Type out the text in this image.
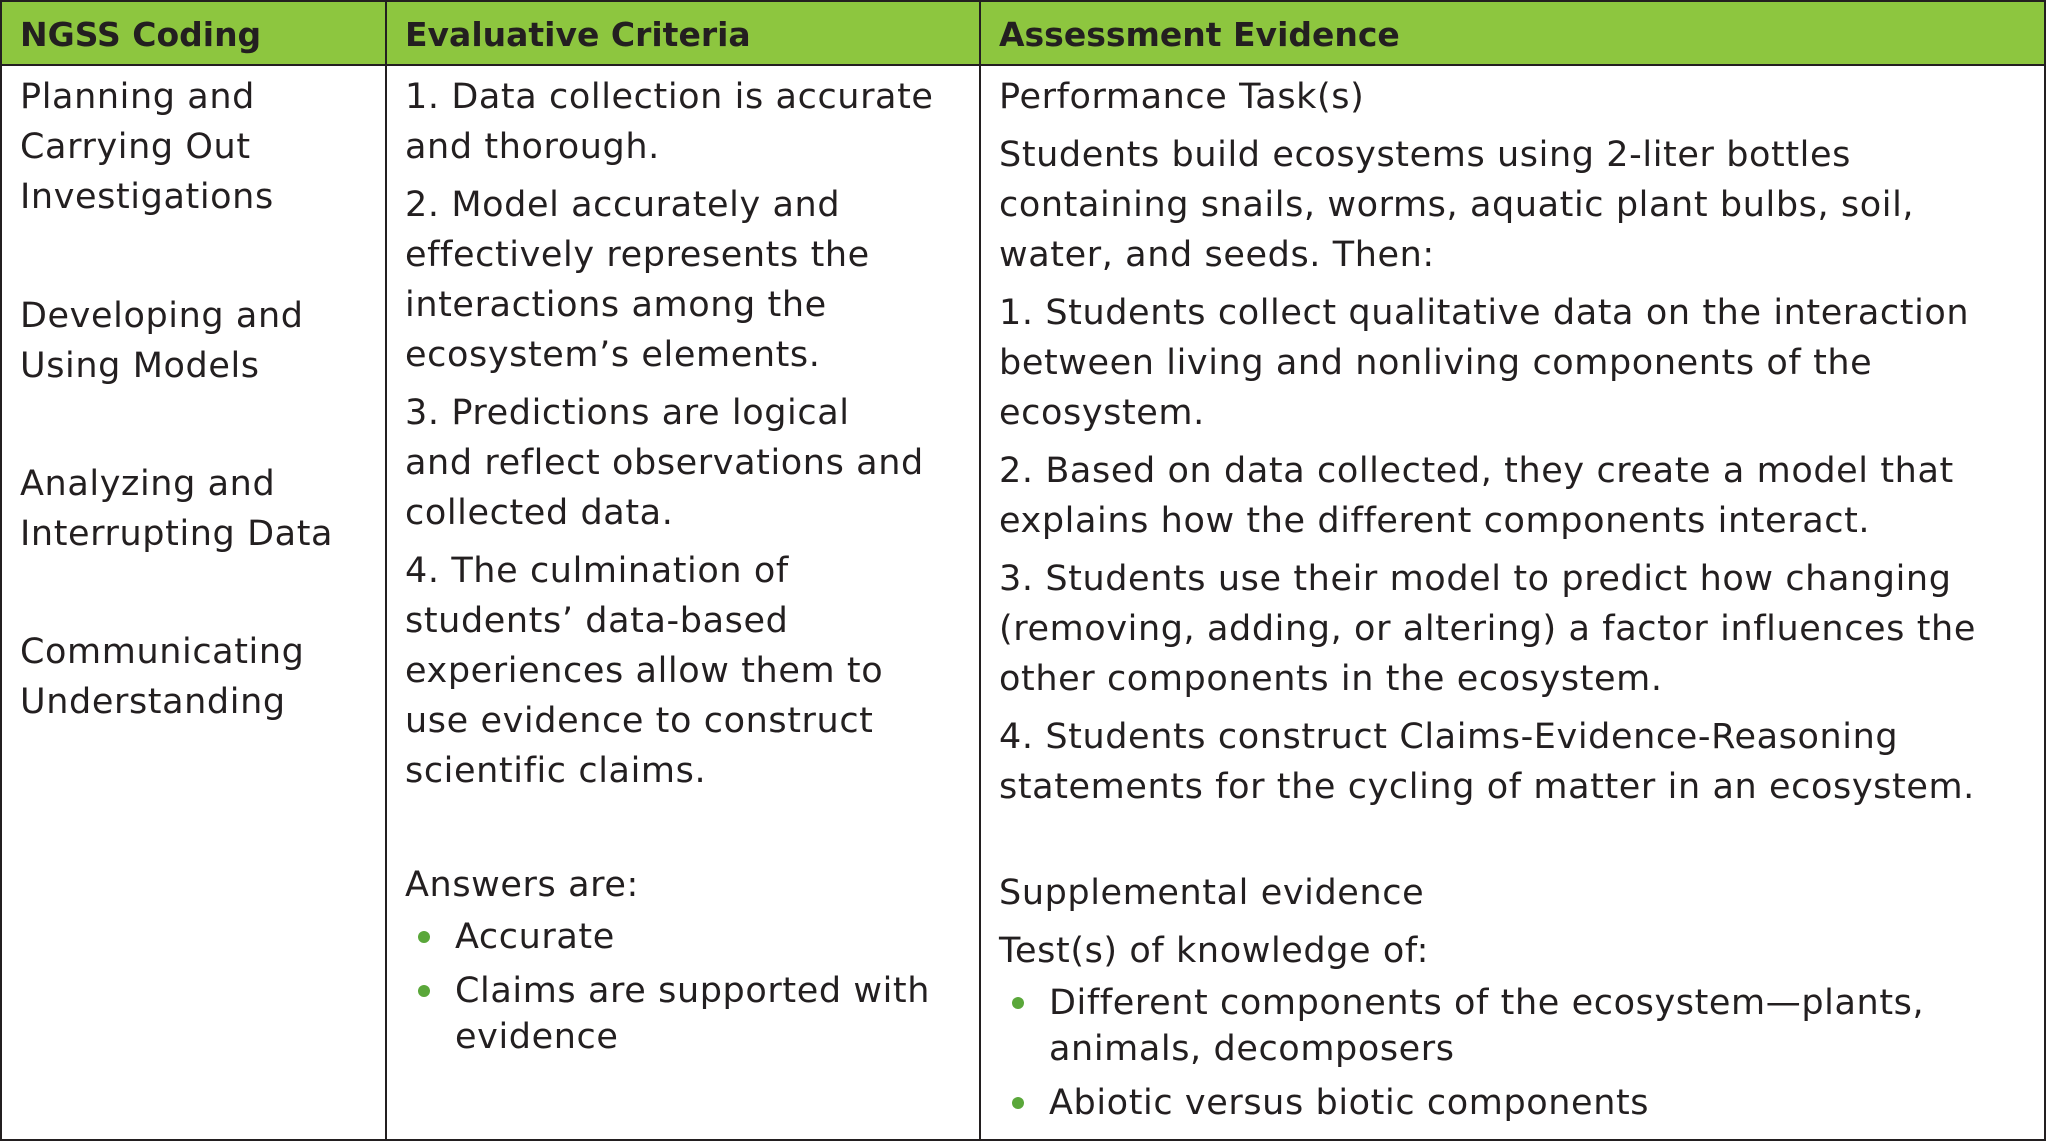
NGSS Coding	Evaluative Criteria	Assessment Evidence

Planning and

Carrying Out

Investigations

Developing and

Using Models

Analyzing and

Interrupting Data

Communicating

Understanding

1. Data collection is accurate

and thorough.

2. Model accurately and

effectively represents the

interactions among the

ecosystem’s elements.

3. Predictions are logical

and reflect observations and

collected data.

4. The culmination of

students’ data-based

experiences allow them to

use evidence to construct

scientific claims.

Answers are:

Accurate
Claims are supported with
evidence

Performance Task(s)

Students build ecosystems using 2-liter bottles

containing snails, worms, aquatic plant bulbs, soil,

water, and seeds. Then:

1. Students collect qualitative data on the interaction

between living and nonliving components of the

ecosystem.

2. Based on data collected, they create a model that

explains how the different components interact.

3. Students use their model to predict how changing

(removing, adding, or altering) a factor influences the

other components in the ecosystem.

4. Students construct Claims-Evidence-Reasoning

statements for the cycling of matter in an ecosystem.

Supplemental evidence

Test(s) of knowledge of:

Different components of the ecosystem—plants,
animals, decomposers
Abiotic versus biotic components
